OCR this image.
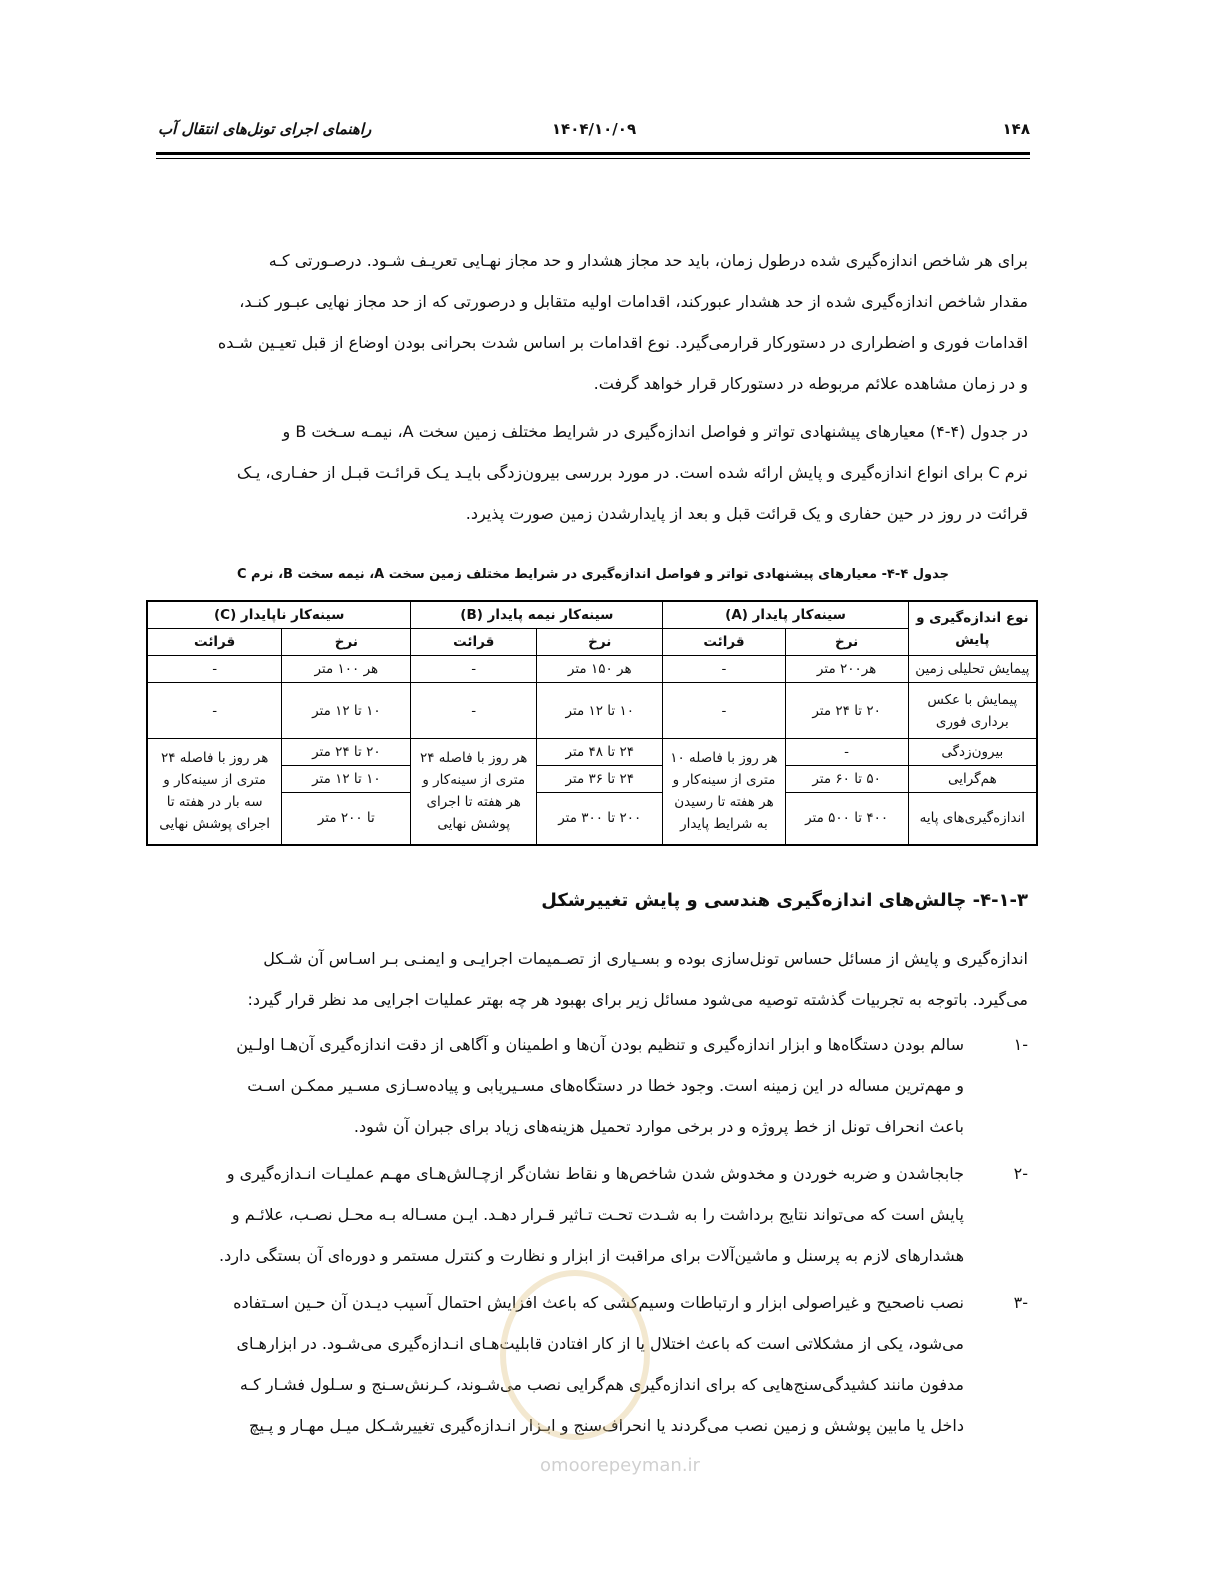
۱۴۸
۱۴۰۴/۱۰/۰۹
راهنمای اجرای تونل‌های انتقال آب
برای هر شاخص اندازه‌گیری شده درطول زمان، باید حد مجاز هشدار و حد مجاز نهـایی تعریـف شـود. درصـورتی کـه
مقدار شاخص اندازه‌گیری شده از حد هشدار عبورکند، اقدامات اولیه متقابل و درصورتی که از حد مجاز نهایی عبـور کنـد،
اقدامات فوری و اضطراری در دستورکار قرارمی‌گیرد. نوع اقدامات بر اساس شدت بحرانی بودن اوضاع از قبل تعیـین شـده
و در زمان مشاهده علائم مربوطه در دستورکار قرار خواهد گرفت.
در جدول (۴-۴) معیارهای پیشنهادی تواتر و فواصل اندازه‌گیری در شرایط مختلف زمین سخت A، نیمـه سـخت B و
نرم C برای انواع اندازه‌گیری و پایش ارائه شده است. در مورد بررسی بیرون‌زدگی بایـد یـک قرائـت قبـل از حفـاری، یـک
قرائت در روز در حین حفاری و یک قرائت قبل و بعد از پایدارشدن زمین صورت پذیرد.
جدول ۴-۴- معیارهای پیشنهادی تواتر و فواصل اندازه‌گیری در شرایط مختلف زمین سخت A، نیمه سخت B، نرم C
نوع اندازه‌گیری و پایش	سینه‌کار پایدار (A)		سینه‌کار نیمه پایدار (B)		سینه‌کار ناپایدار (C)	
	نرخ	قرائت	نرخ	قرائت	نرخ	قرائت
پیمایش تحلیلی زمین	هر۲۰۰ متر	-	هر ۱۵۰ متر	-	هر ۱۰۰ متر	-
پیمایش با عکس برداری فوری	۲۰ تا ۲۴ متر	-	۱۰ تا ۱۲ متر	-	۱۰ تا ۱۲ متر	-
بیرون‌زدگی	-	هر روز با فاصله ۱۰ متری از سینه‌کار و هر هفته تا رسیدن به شرایط پایدار	۲۴ تا ۴۸ متر	هر روز با فاصله ۲۴ متری از سینه‌کار و هر هفته تا اجرای پوشش نهایی	۲۰ تا ۲۴ متر	هر روز با فاصله ۲۴ متری از سینه‌کار و سه بار در هفته تا اجرای پوشش نهایی
هم‌گرایی	۵۰ تا ۶۰ متر		۲۴ تا ۳۶ متر		۱۰ تا ۱۲ متر	
اندازه‌گیری‌های پایه	۴۰۰ تا ۵۰۰ متر		۲۰۰ تا ۳۰۰ متر		تا ۲۰۰ متر	
۴-۱-۳- چالش‌های اندازه‌گیری هندسی و پایش تغییرشکل
اندازه‌گیری و پایش از مسائل حساس تونل‌سازی بوده و بسـیاری از تصـمیمات اجرایـی و ایمنـی بـر اسـاس آن شـکل
می‌گیرد. باتوجه به تجربیات گذشته توصیه می‌شود مسائل زیر برای بهبود هر چه بهتر عملیات اجرایی مد نظر قرار گیرد:
-۱
سالم بودن دستگاه‌ها و ابزار اندازه‌گیری و تنظیم بودن آن‌ها و اطمینان و آگاهی از دقت اندازه‌گیری آن‌هـا اولـین
و مهم‌ترین مساله در این زمینه است. وجود خطا در دستگاه‌های مسـیریابی و پیاده‌سـازی مسـیر ممکـن اسـت
باعث انحراف تونل از خط پروژه و در برخی موارد تحمیل هزینه‌های زیاد برای جبران آن شود.
-۲
جابجاشدن و ضربه خوردن و مخدوش شدن شاخص‌ها و نقاط نشان‌گر ازچـالش‌هـای مهـم عملیـات انـدازه‌گیری و
پایش است که می‌تواند نتایج برداشت را به شـدت تحـت تـاثیر قـرار دهـد. ایـن مسـاله بـه محـل نصـب، علائـم و
هشدارهای لازم به پرسنل و ماشین‌آلات برای مراقبت از ابزار و نظارت و کنترل مستمر و دوره‌ای آن بستگی دارد.
-۳
نصب ناصحیح و غیراصولی ابزار و ارتباطات وسیم‌کشی که باعث افزایش احتمال آسیب دیـدن آن حـین اسـتفاده
می‌شود، یکی از مشکلاتی است که باعث اختلال یا از کار افتادن قابلیت‌هـای انـدازه‌گیری می‌شـود. در ابزارهـای
مدفون مانند کشیدگی‌سنج‌هایی که برای اندازه‌گیری هم‌گرایی نصب می‌شـوند، کـرنش‌سـنج و سـلول فشـار کـه
داخل یا مابین پوشش و زمین نصب می‌گردند یا انحراف‌سنج و ابـزار انـدازه‌گیری تغییرشـکل میـل مهـار و پـیچ
omoorepeyman.ir
